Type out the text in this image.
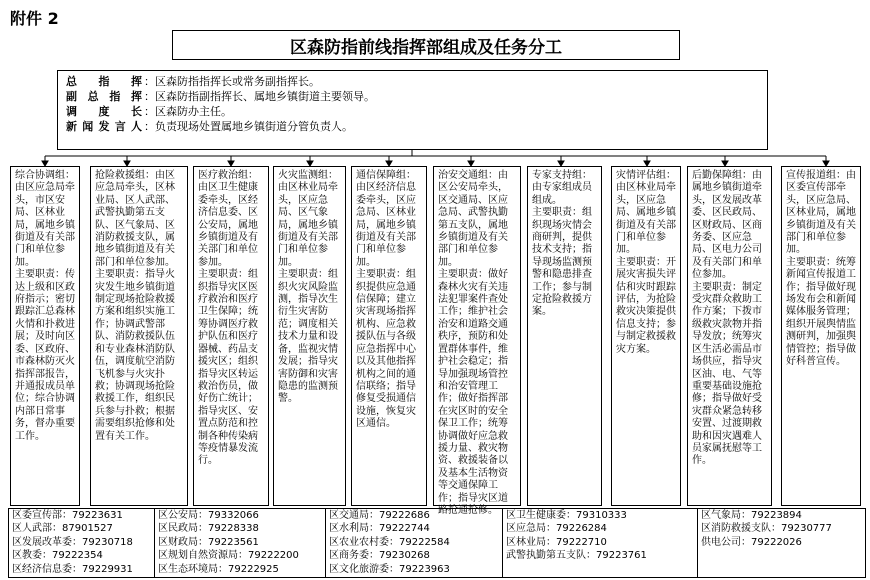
附件 2
区森防指前线指挥部组成及任务分工
总 指 挥 ：区森防指指挥长或常务副指挥长。
副 总 指 挥 ：区森防指副指挥长、属地乡镇街道主要领导。
调 度 长 ：区森防办主任。
新闻发言人 ：负责现场处置属地乡镇街道分管负责人。
综合协调组：由区应急局牵头，市区安局、区林业局，属地乡镇街道及有关部门和单位参加。
主要职责：传达上级和区政府指示；密切跟踪汇总森林火情和扑救进展；及时向区委、区政府、市森林防灭火指挥部报告，并通报成员单位；综合协调内部日常事务，督办重要工作。
抢险救援组：由区应急局牵头，区林业局、区人武部、武警执勤第五支队、区气象局、区消防救援支队，属地乡镇街道及有关部门和单位参加。
主要职责：指导火灾发生地乡镇街道制定现场抢险救援方案和组织实施工作；协调武警部队、消防救援队伍和专业森林消防队伍，调度航空消防飞机参与火灾扑救；协调现场抢险救援工作，组织民兵参与扑救；根据需要组织抢修和处置有关工作。
医疗救治组：由区卫生健康委牵头，区经济信息委、区公安局，属地乡镇街道及有关部门和单位参加。
主要职责：组织指导灾区医疗救治和医疗卫生保障；统筹协调医疗救护队伍和医疗器械、药品支援灾区；组织指导灾区转运救治伤员，做好伤亡统计；指导灾区、安置点防范和控制各种传染病等疫情暴发流行。
火灾监测组：由区林业局牵头，区应急局、区气象局，属地乡镇街道及有关部门和单位参加。
主要职责：组织火灾风险监测，指导次生衍生灾害防范；调度相关技术力量和设备，监视灾情发展；指导灾害防御和灾害隐患的监测预警。
通信保障组：由区经济信息委牵头，区应急局、区林业局，属地乡镇街道及有关部门和单位参加。
主要职责：组织提供应急通信保障；建立灾害现场指挥机构、应急救援队伍与各级应急指挥中心以及其他指挥机构之间的通信联络；指导修复受损通信设施，恢复灾区通信。
治安交通组：由区公安局牵头，区交通局、区应急局、武警执勤第五支队，属地乡镇街道及有关部门和单位参加。
主要职责：做好森林火灾有关违法犯罪案件查处工作；维护社会治安和道路交通秩序，预防和处置群体事件，维护社会稳定；指导加强现场管控和治安管理工作；做好指挥部在灾区时的安全保卫工作；统筹协调做好应急救援力量、救灾物资、救援装备以及基本生活物资等交通保障工作；指导灾区道路抢通抢修。
专家支持组：由专家组成员组成。
主要职责：组织现场灾情会商研判，提供技术支持；指导现场监测预警和隐患排查工作；参与制定抢险救援方案。
灾情评估组：由区林业局牵头，区应急局、属地乡镇街道及有关部门和单位参加。
主要职责：开展灾害损失评估和灾时跟踪评估，为抢险救灾决策提供信息支持；参与制定救援救灾方案。
后勤保障组：由属地乡镇街道牵头，区发展改革委、区民政局、区财政局、区商务委、区应急局、区电力公司及有关部门和单位参加。
主要职责：制定受灾群众救助工作方案；下拨市级救灾款物并指导发放；统筹灾区生活必需品市场供应，指导灾区油、电、气等重要基础设施抢修；指导做好受灾群众紧急转移安置、过渡期救助和因灾遇难人员家属抚慰等工作。
宣传报道组：由区委宣传部牵头，区应急局、区林业局，属地乡镇街道及有关部门和单位参加。
主要职责：统筹新闻宣传报道工作；指导做好现场发布会和新闻媒体服务管理；组织开展舆情监测研判，加强舆情管控；指导做好科普宣传。
区委宣传部：79223631
区人武部：87901527
区发展改革委：79230718
区教委：79222354
区经济信息委：79229931
区公安局：79332066
区民政局：79228338
区财政局：79223561
区规划自然资源局：79222200
区生态环境局：79222925
区交通局：79222686
区水利局：79222744
区农业农村委：79222584
区商务委：79230268
区文化旅游委：79223963
区卫生健康委：79310333
区应急局：79226284
区林业局：79222710
武警执勤第五支队：79223761
区气象局：79223894
区消防救援支队：79230777
供电公司：79222026
